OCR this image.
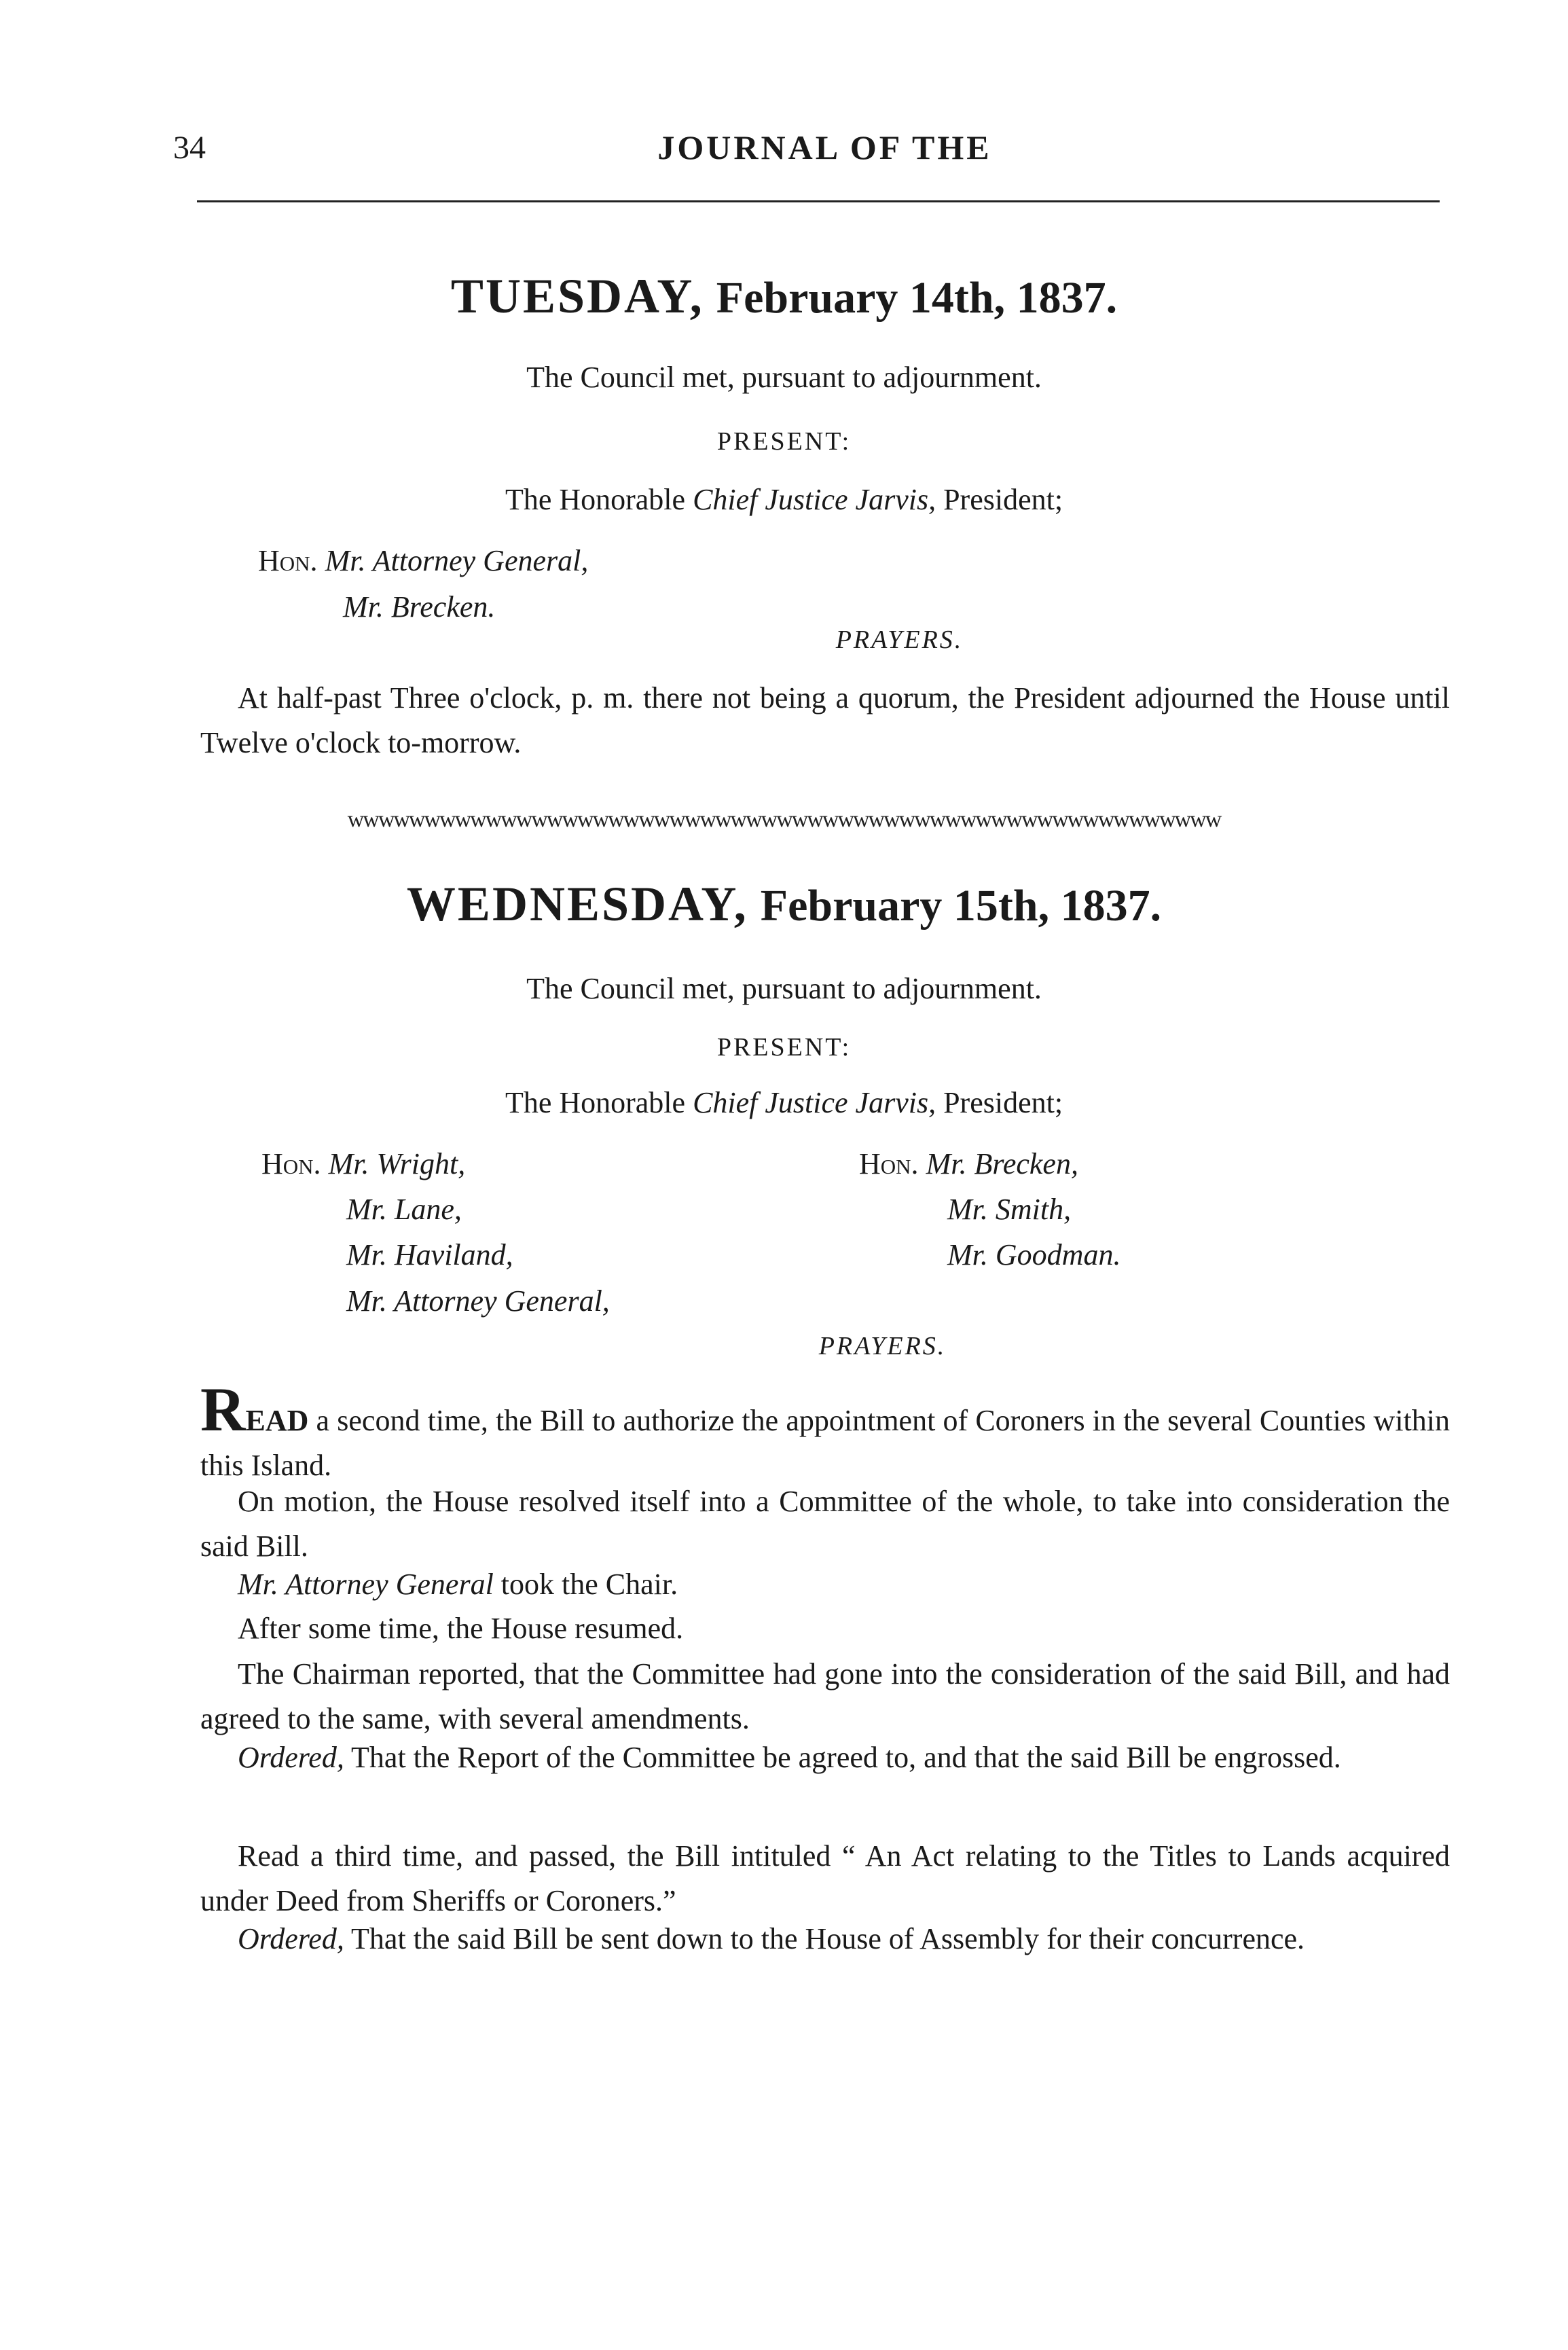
34	JOURNAL OF THE
TUESDAY, February 14th, 1837.
The Council met, pursuant to adjournment.
PRESENT:
The Honorable Chief Justice Jarvis, President;
Hon. Mr. Attorney General,
Mr. Brecken.
PRAYERS.
At half-past Three o'clock, p. m. there not being a quorum, the President adjourned the House until Twelve o'clock to-morrow.
wwwwwwwwwwwwwwwwwwwwwwwwwwwwwwwwwwwwwwwwwwwwwwwwwwwwwwwww
WEDNESDAY, February 15th, 1837.
The Council met, pursuant to adjournment.
PRESENT:
The Honorable Chief Justice Jarvis, President;
Hon. Mr. Wright,
Mr. Lane,
Mr. Haviland,
Mr. Attorney General,
Hon. Mr. Brecken,
Mr. Smith,
Mr. Goodman.
PRAYERS.
READ a second time, the Bill to authorize the appointment of Coroners in the several Counties within this Island.
On motion, the House resolved itself into a Committee of the whole, to take into consideration the said Bill.
Mr. Attorney General took the Chair.
After some time, the House resumed.
The Chairman reported, that the Committee had gone into the consideration of the said Bill, and had agreed to the same, with several amendments.
Ordered, That the Report of the Committee be agreed to, and that the said Bill be engrossed.
Read a third time, and passed, the Bill intituled “ An Act relating to the Titles to Lands acquired under Deed from Sheriffs or Coroners.”
Ordered, That the said Bill be sent down to the House of Assembly for their concurrence.
